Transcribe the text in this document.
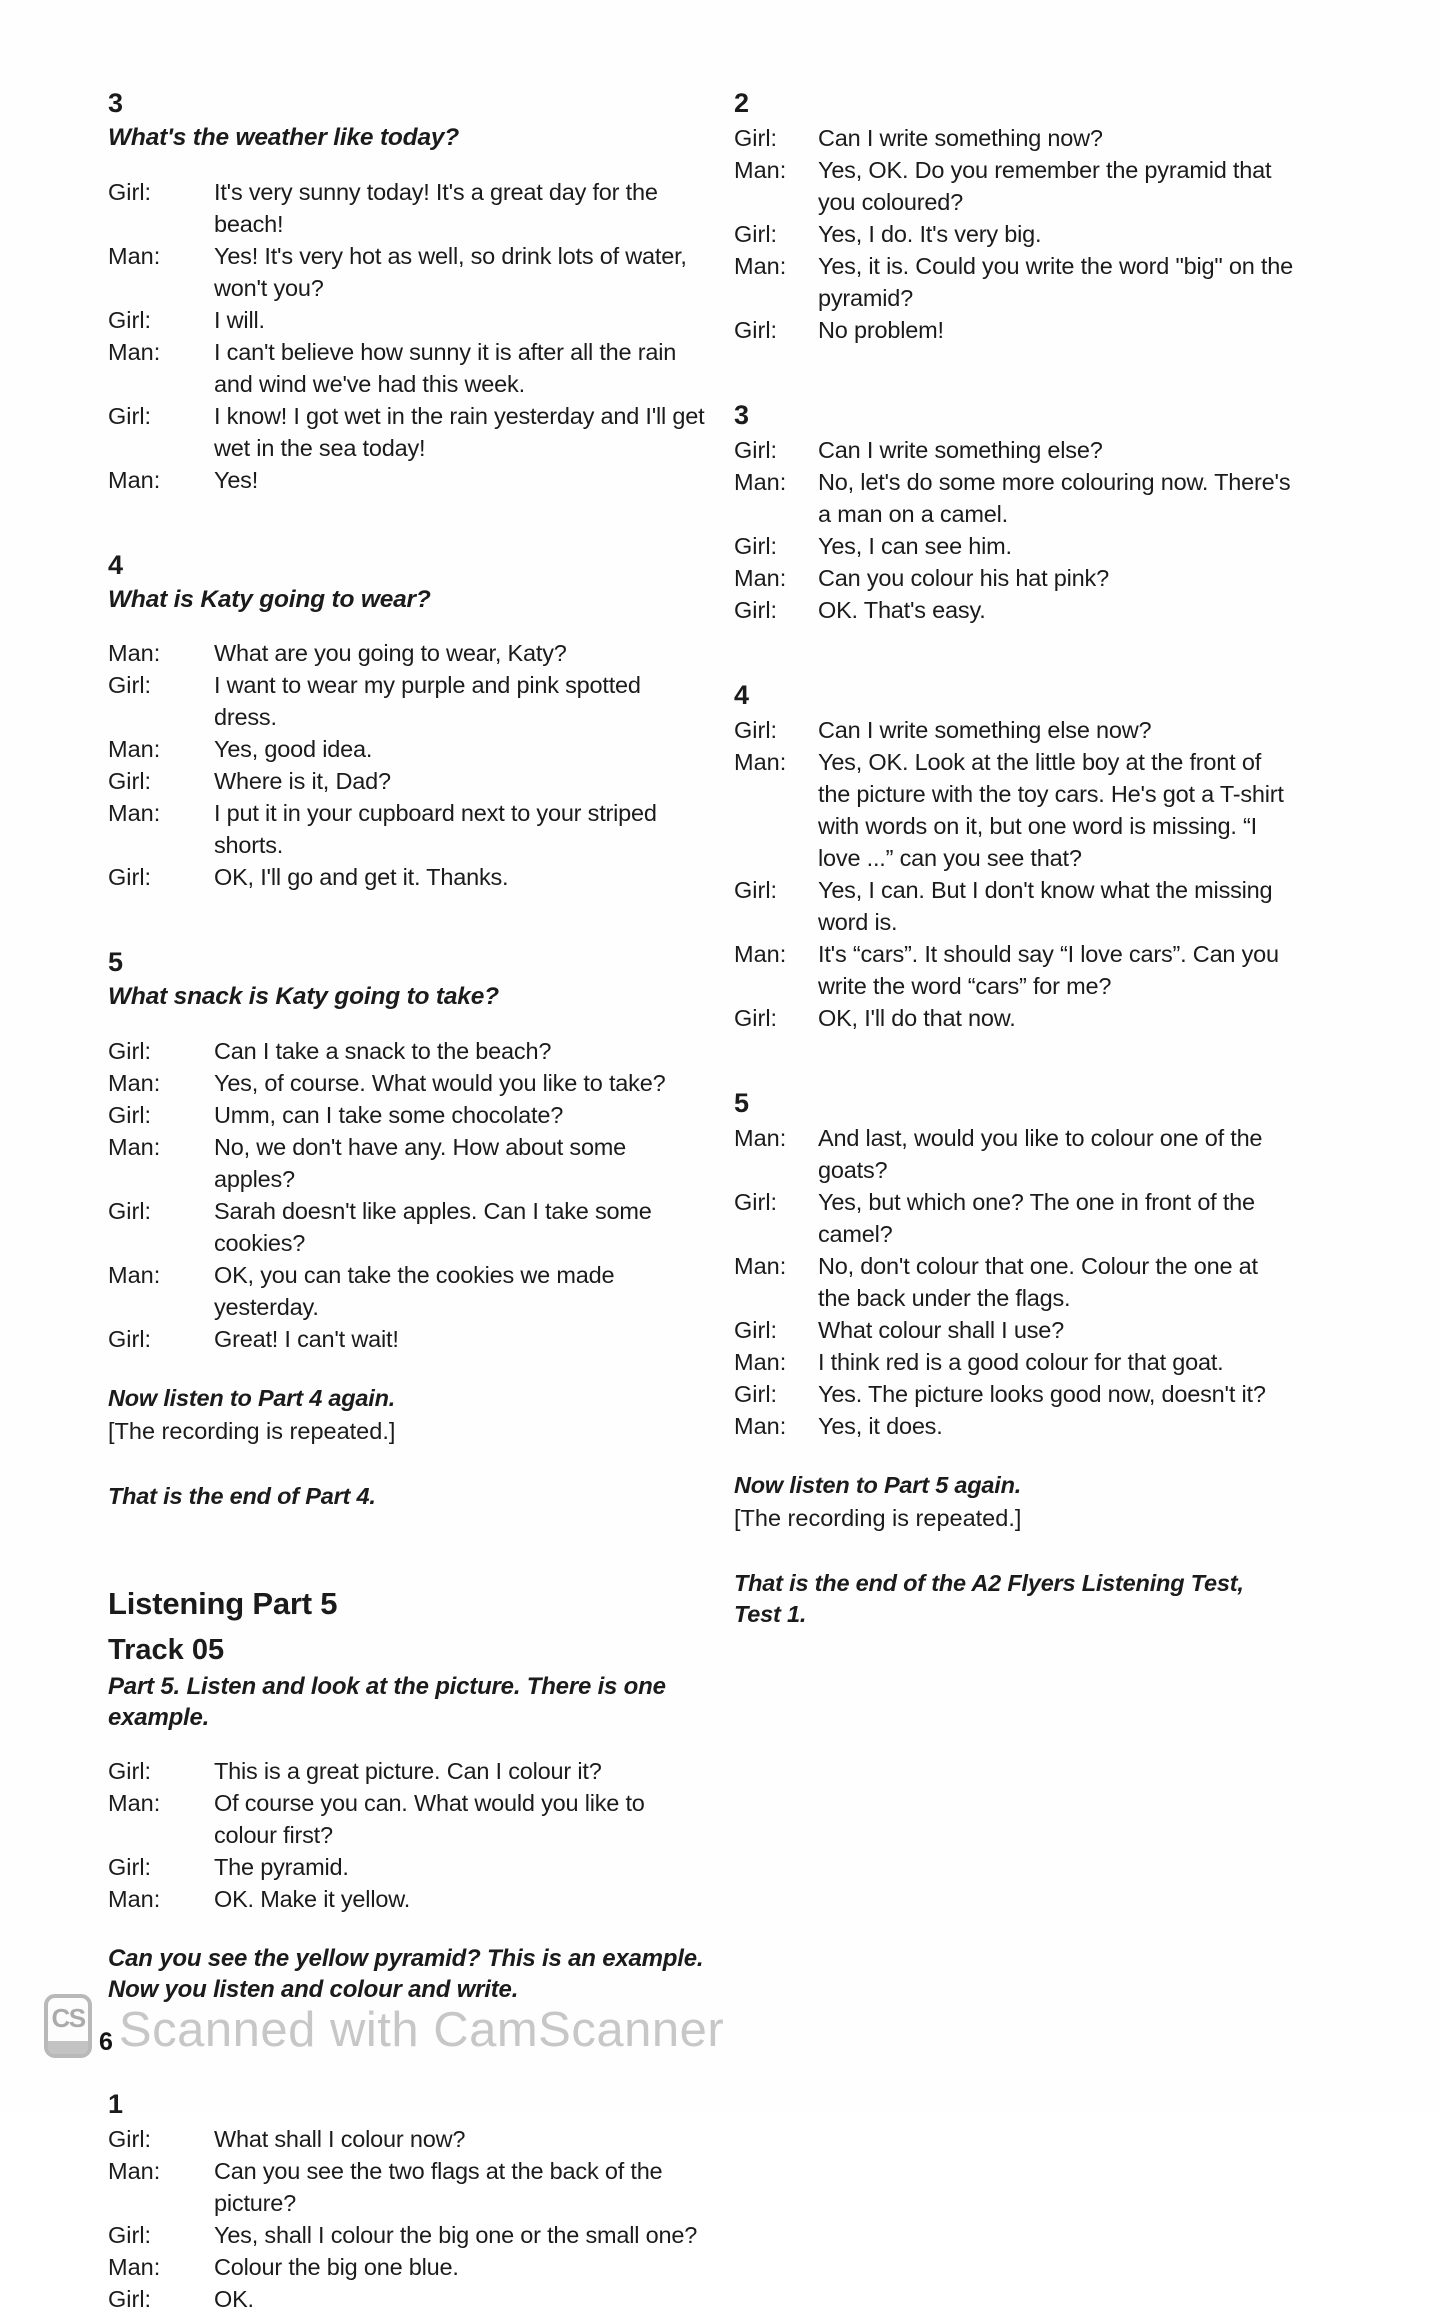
3
What's the weather like today?
Girl:	It's very sunny today! It's a great day for the beach!
Man:	Yes! It's very hot as well, so drink lots of water, won't you?
Girl:	I will.
Man:	I can't believe how sunny it is after all the rain and wind we've had this week.
Girl:	I know! I got wet in the rain yesterday and I'll get wet in the sea today!
Man:	Yes!
4
What is Katy going to wear?
Man:	What are you going to wear, Katy?
Girl:	I want to wear my purple and pink spotted dress.
Man:	Yes, good idea.
Girl:	Where is it, Dad?
Man:	I put it in your cupboard next to your striped shorts.
Girl:	OK, I'll go and get it. Thanks.
5
What snack is Katy going to take?
Girl:	Can I take a snack to the beach?
Man:	Yes, of course. What would you like to take?
Girl:	Umm, can I take some chocolate?
Man:	No, we don't have any. How about some apples?
Girl:	Sarah doesn't like apples. Can I take some cookies?
Man:	OK, you can take the cookies we made yesterday.
Girl:	Great! I can't wait!
Now listen to Part 4 again.
[The recording is repeated.]
That is the end of Part 4.
Listening Part 5
Track 05
Part 5. Listen and look at the picture. There is one example.
Girl:	This is a great picture. Can I colour it?
Man:	Of course you can. What would you like to colour first?
Girl:	The pyramid.
Man:	OK. Make it yellow.
Can you see the yellow pyramid? This is an example.
Now you listen and colour and write.
1
Girl:	What shall I colour now?
Man:	Can you see the two flags at the back of the picture?
Girl:	Yes, shall I colour the big one or the small one?
Man:	Colour the big one blue.
Girl:	OK.
2
Girl:	Can I write something now?
Man:	Yes, OK. Do you remember the pyramid that you coloured?
Girl:	Yes, I do. It's very big.
Man:	Yes, it is. Could you write the word "big" on the pyramid?
Girl:	No problem!
3
Girl:	Can I write something else?
Man:	No, let's do some more colouring now. There's a man on a camel.
Girl:	Yes, I can see him.
Man:	Can you colour his hat pink?
Girl:	OK. That's easy.
4
Girl:	Can I write something else now?
Man:	Yes, OK. Look at the little boy at the front of the picture with the toy cars. He's got a T-shirt with words on it, but one word is missing. “I love ...” can you see that?
Girl:	Yes, I can. But I don't know what the missing word is.
Man:	It's “cars”. It should say “I love cars”. Can you write the word “cars” for me?
Girl:	OK, I'll do that now.
5
Man:	And last, would you like to colour one of the goats?
Girl:	Yes, but which one? The one in front of the camel?
Man:	No, don't colour that one. Colour the one at the back under the flags.
Girl:	What colour shall I use?
Man:	I think red is a good colour for that goat.
Girl:	Yes. The picture looks good now, doesn't it?
Man:	Yes, it does.
Now listen to Part 5 again.
[The recording is repeated.]
That is the end of the A2 Flyers Listening Test, Test 1.
CS
6 Scanned with CamScanner
